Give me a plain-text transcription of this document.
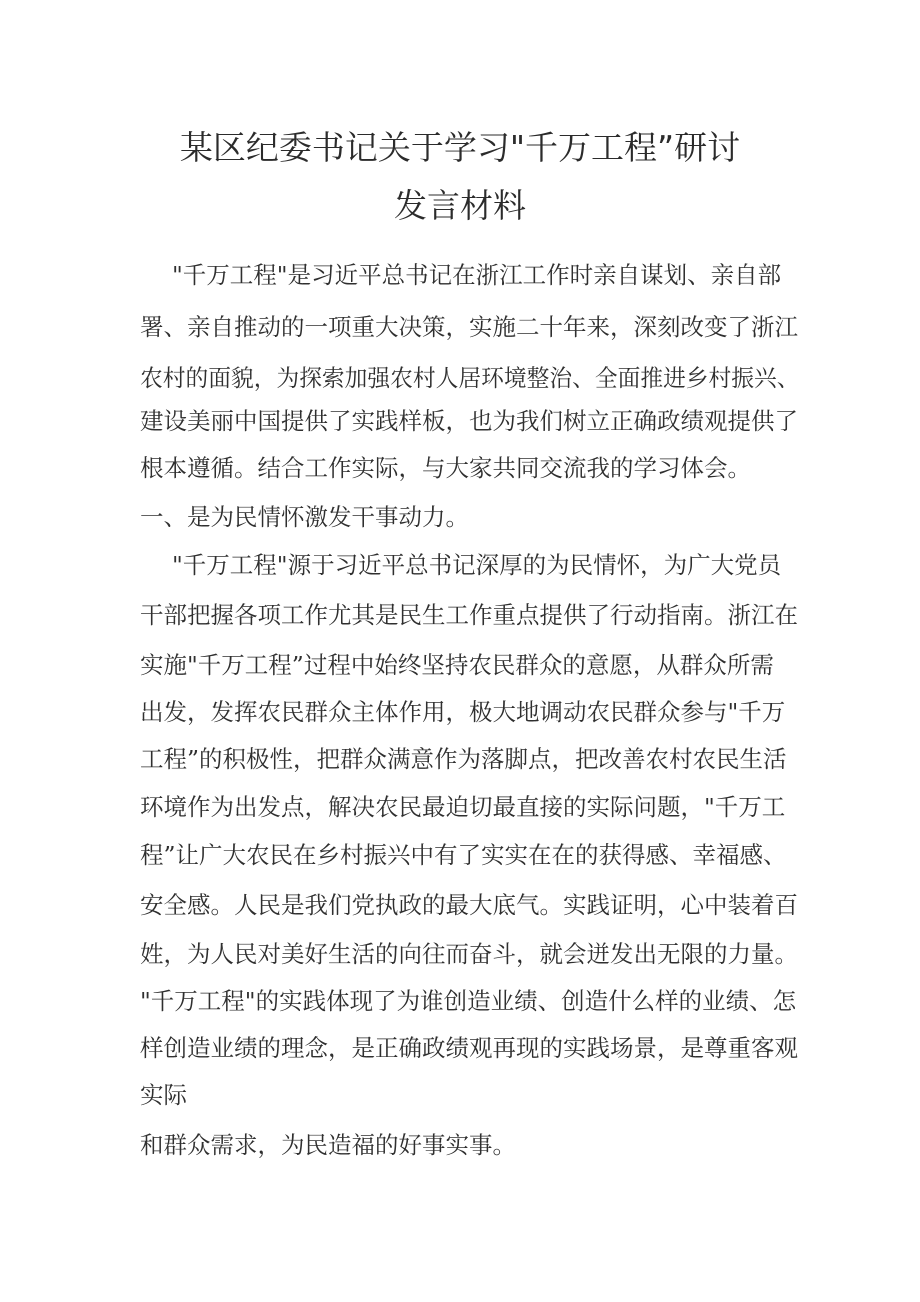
某区纪委书记关于学习"千万工程”研讨
发言材料
"千万工程"是习近平总书记在浙江工作时亲自谋划、亲自部
署、亲自推动的一项重大决策，实施二十年来，深刻改变了浙江
农村的面貌，为探索加强农村人居环境整治、全面推进乡村振兴、
建设美丽中国提供了实践样板，也为我们树立正确政绩观提供了
根本遵循。结合工作实际，与大家共同交流我的学习体会。
一、是为民情怀激发干事动力。
"千万工程"源于习近平总书记深厚的为民情怀，为广大党员
干部把握各项工作尤其是民生工作重点提供了行动指南。浙江在
实施"千万工程”过程中始终坚持农民群众的意愿，从群众所需
出发，发挥农民群众主体作用，极大地调动农民群众参与"千万
工程”的积极性，把群众满意作为落脚点，把改善农村农民生活
环境作为出发点，解决农民最迫切最直接的实际问题，"千万工
程”让广大农民在乡村振兴中有了实实在在的获得感、幸福感、
安全感。人民是我们党执政的最大底气。实践证明，心中装着百
姓，为人民对美好生活的向往而奋斗，就会迸发出无限的力量。
"千万工程"的实践体现了为谁创造业绩、创造什么样的业绩、怎
样创造业绩的理念，是正确政绩观再现的实践场景，是尊重客观
实际
和群众需求，为民造福的好事实事。
